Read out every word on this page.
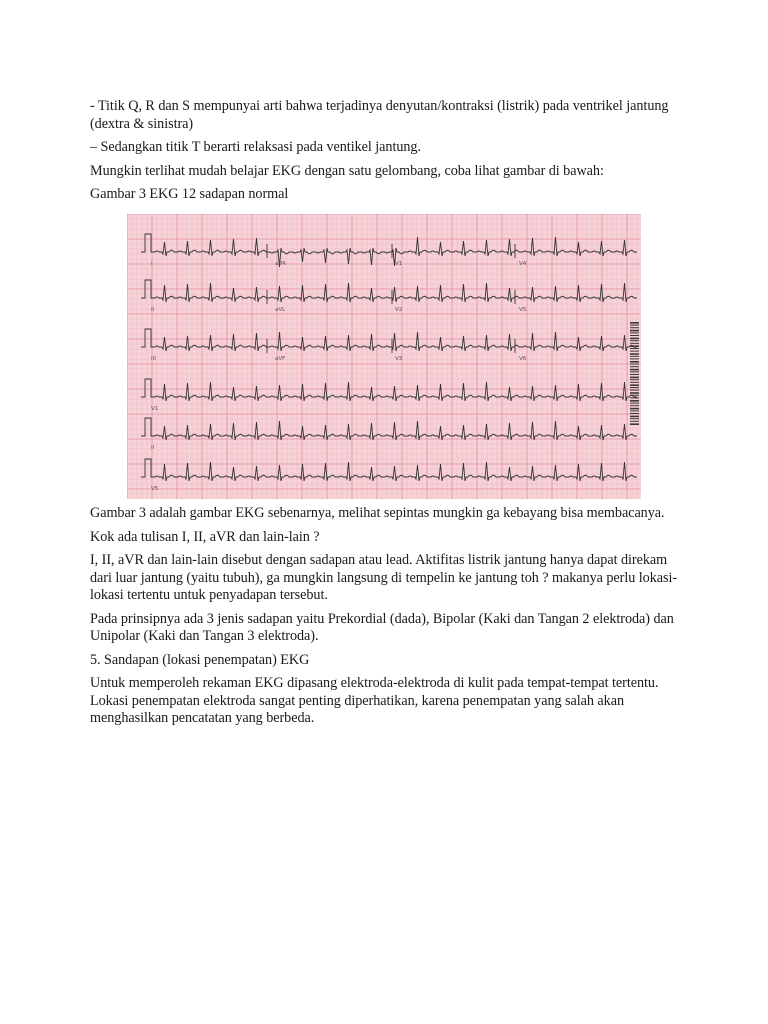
- Titik Q, R dan S mempunyai arti bahwa terjadinya denyutan/kontraksi (listrik) pada ventrikel jantung (dextra & sinistra)

– Sedangkan titik T berarti relaksasi pada ventikel jantung.

Mungkin terlihat mudah belajar EKG dengan satu gelombang, coba lihat gambar di bawah:

Gambar 3 EKG 12 sadapan normal

I	aVR	V1	V4
II	aVL	V2	V5
III	aVF	V3	V6
V1
II
V5

Gambar 3 adalah gambar EKG sebenarnya, melihat sepintas mungkin ga kebayang bisa membacanya.

Kok ada tulisan I, II, aVR dan lain-lain ?

I, II, aVR dan lain-lain disebut dengan sadapan atau lead. Aktifitas listrik jantung hanya dapat direkam dari luar jantung (yaitu tubuh), ga mungkin langsung di tempelin ke jantung toh ? makanya perlu lokasi-lokasi tertentu untuk penyadapan tersebut.

Pada prinsipnya ada 3 jenis sadapan yaitu Prekordial (dada), Bipolar (Kaki dan Tangan 2 elektroda) dan Unipolar (Kaki dan Tangan 3 elektroda).

5. Sandapan (lokasi penempatan) EKG

Untuk memperoleh rekaman EKG dipasang elektroda-elektroda di kulit pada tempat-tempat tertentu. Lokasi penempatan elektroda sangat penting diperhatikan, karena penempatan yang salah akan menghasilkan pencatatan yang berbeda.
